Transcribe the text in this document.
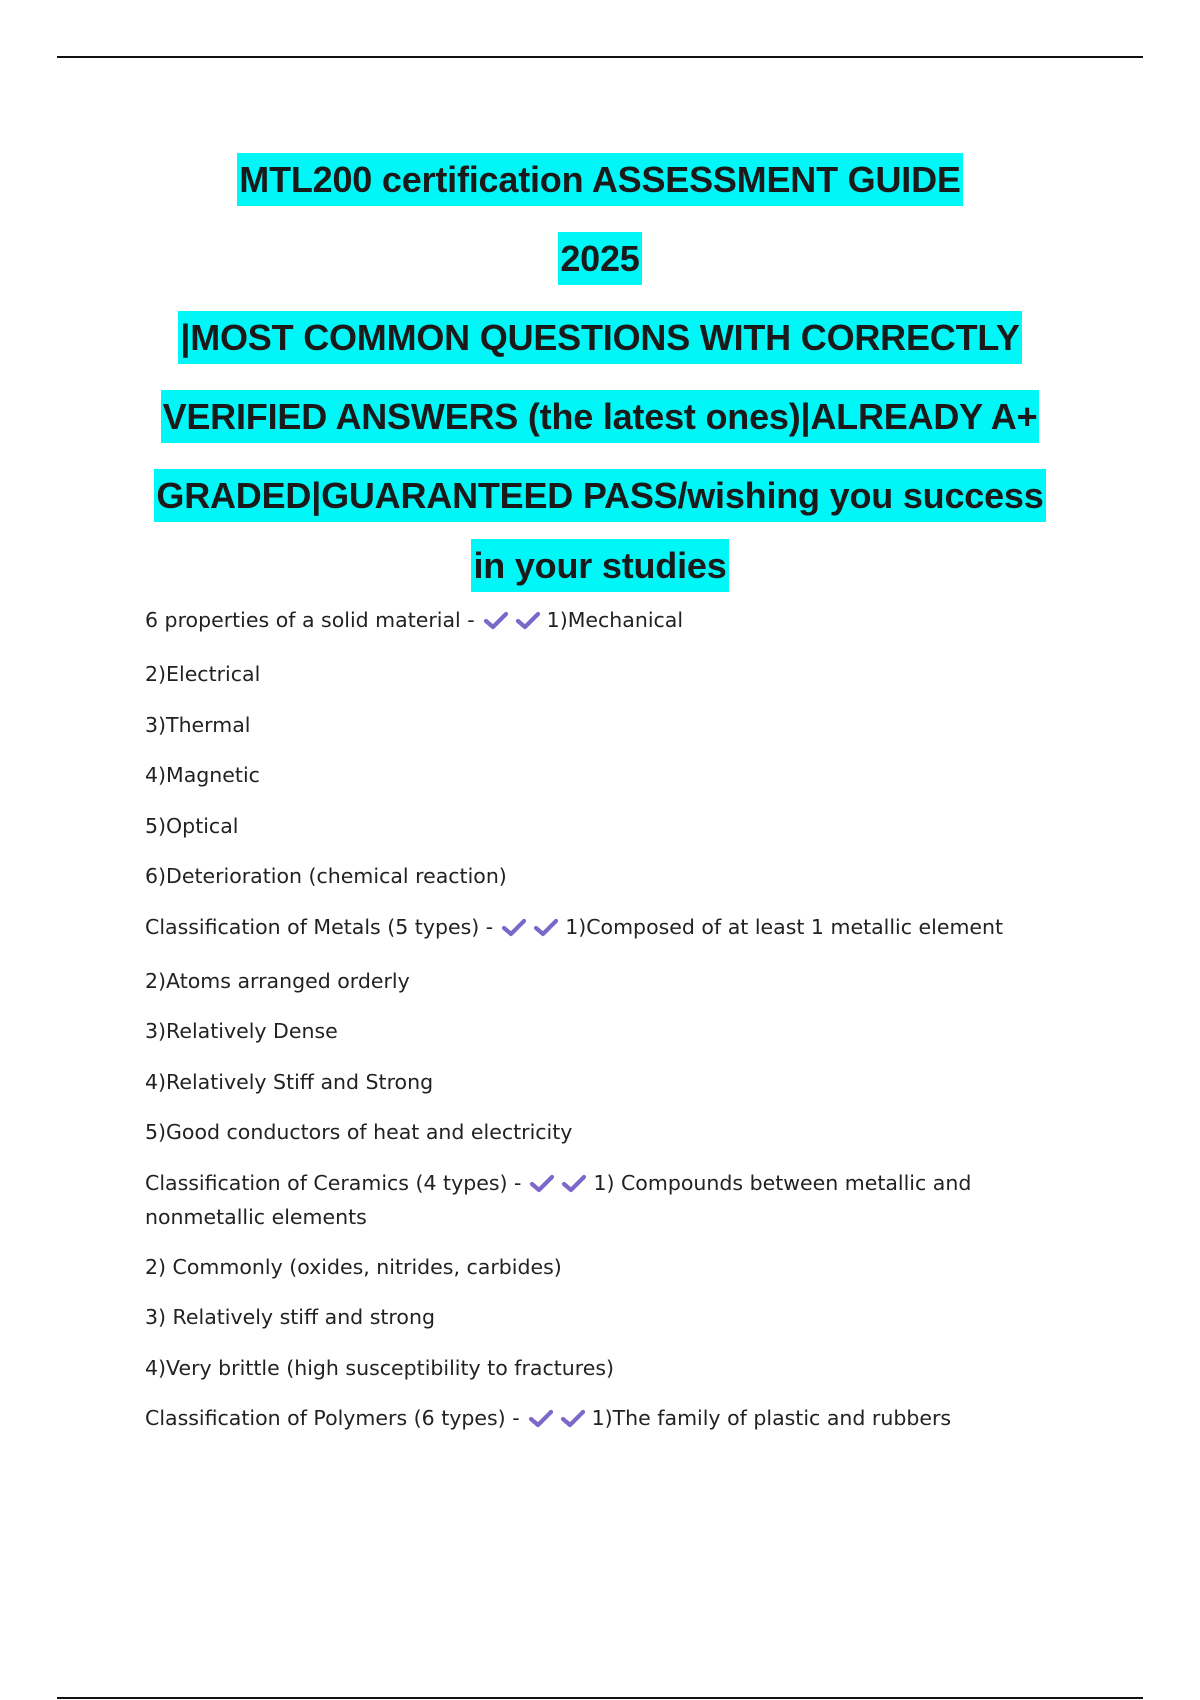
MTL200 certification ASSESSMENT GUIDE
2025
|MOST COMMON QUESTIONS WITH CORRECTLY
VERIFIED ANSWERS (the latest ones)|ALREADY A+
GRADED|GUARANTEED PASS/wishing you success
in your studies
6 properties of a solid material -	1)Mechanical
2)Electrical
3)Thermal
4)Magnetic
5)Optical
6)Deterioration (chemical reaction)
Classification of Metals (5 types) -	1)Composed of at least 1 metallic element
2)Atoms arranged orderly
3)Relatively Dense
4)Relatively Stiff and Strong
5)Good conductors of heat and electricity
Classification of Ceramics (4 types) -	1) Compounds between metallic and nonmetallic elements
2) Commonly (oxides, nitrides, carbides)
3) Relatively stiff and strong
4)Very brittle (high susceptibility to fractures)
Classification of Polymers (6 types) -	1)The family of plastic and rubbers
